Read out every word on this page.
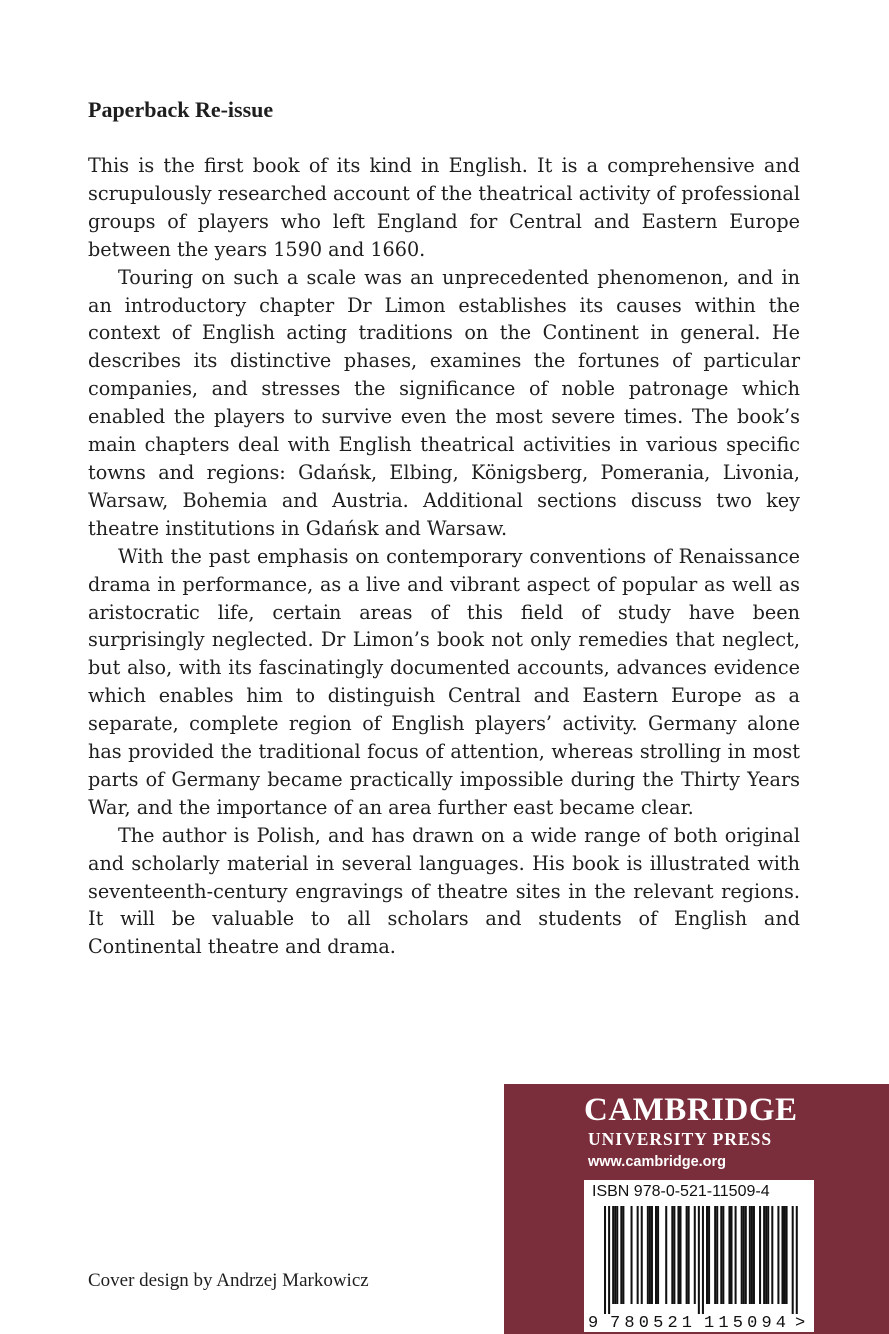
Paperback Re-issue

This is the first book of its kind in English. It is a comprehensive and scrupulously researched account of the theatrical activity of professional groups of players who left England for Central and Eastern Europe between the years 1590 and 1660.

Touring on such a scale was an unprecedented phenomenon, and in an introductory chapter Dr Limon establishes its causes within the context of English acting traditions on the Continent in general. He describes its distinctive phases, examines the fortunes of particular companies, and stresses the significance of noble patronage which enabled the players to survive even the most severe times. The book’s main chapters deal with English theatrical activities in various specific towns and regions: Gdańsk, Elbing, Königsberg, Pomerania, Livonia, Warsaw, Bohemia and Austria. Additional sections discuss two key theatre institutions in Gdańsk and Warsaw.

With the past emphasis on contemporary conventions of Renaissance drama in performance, as a live and vibrant aspect of popular as well as aristocratic life, certain areas of this field of study have been surprisingly neglected. Dr Limon’s book not only remedies that neglect, but also, with its fascinatingly documented accounts, advances evidence which enables him to distinguish Central and Eastern Europe as a separate, complete region of English players’ activity. Germany alone has provided the traditional focus of attention, whereas strolling in most parts of Germany became practically impossible during the Thirty Years War, and the importance of an area further east became clear.

The author is Polish, and has drawn on a wide range of both original and scholarly material in several languages. His book is illustrated with seventeenth-century engravings of theatre sites in the relevant regions. It will be valuable to all scholars and students of English and Continental theatre and drama.

Cover design by Andrzej Markowicz
CAMBRIDGE
UNIVERSITY PRESS
www.cambridge.org
9 780521 115094 >
ISBN 978-0-521-11509-4
